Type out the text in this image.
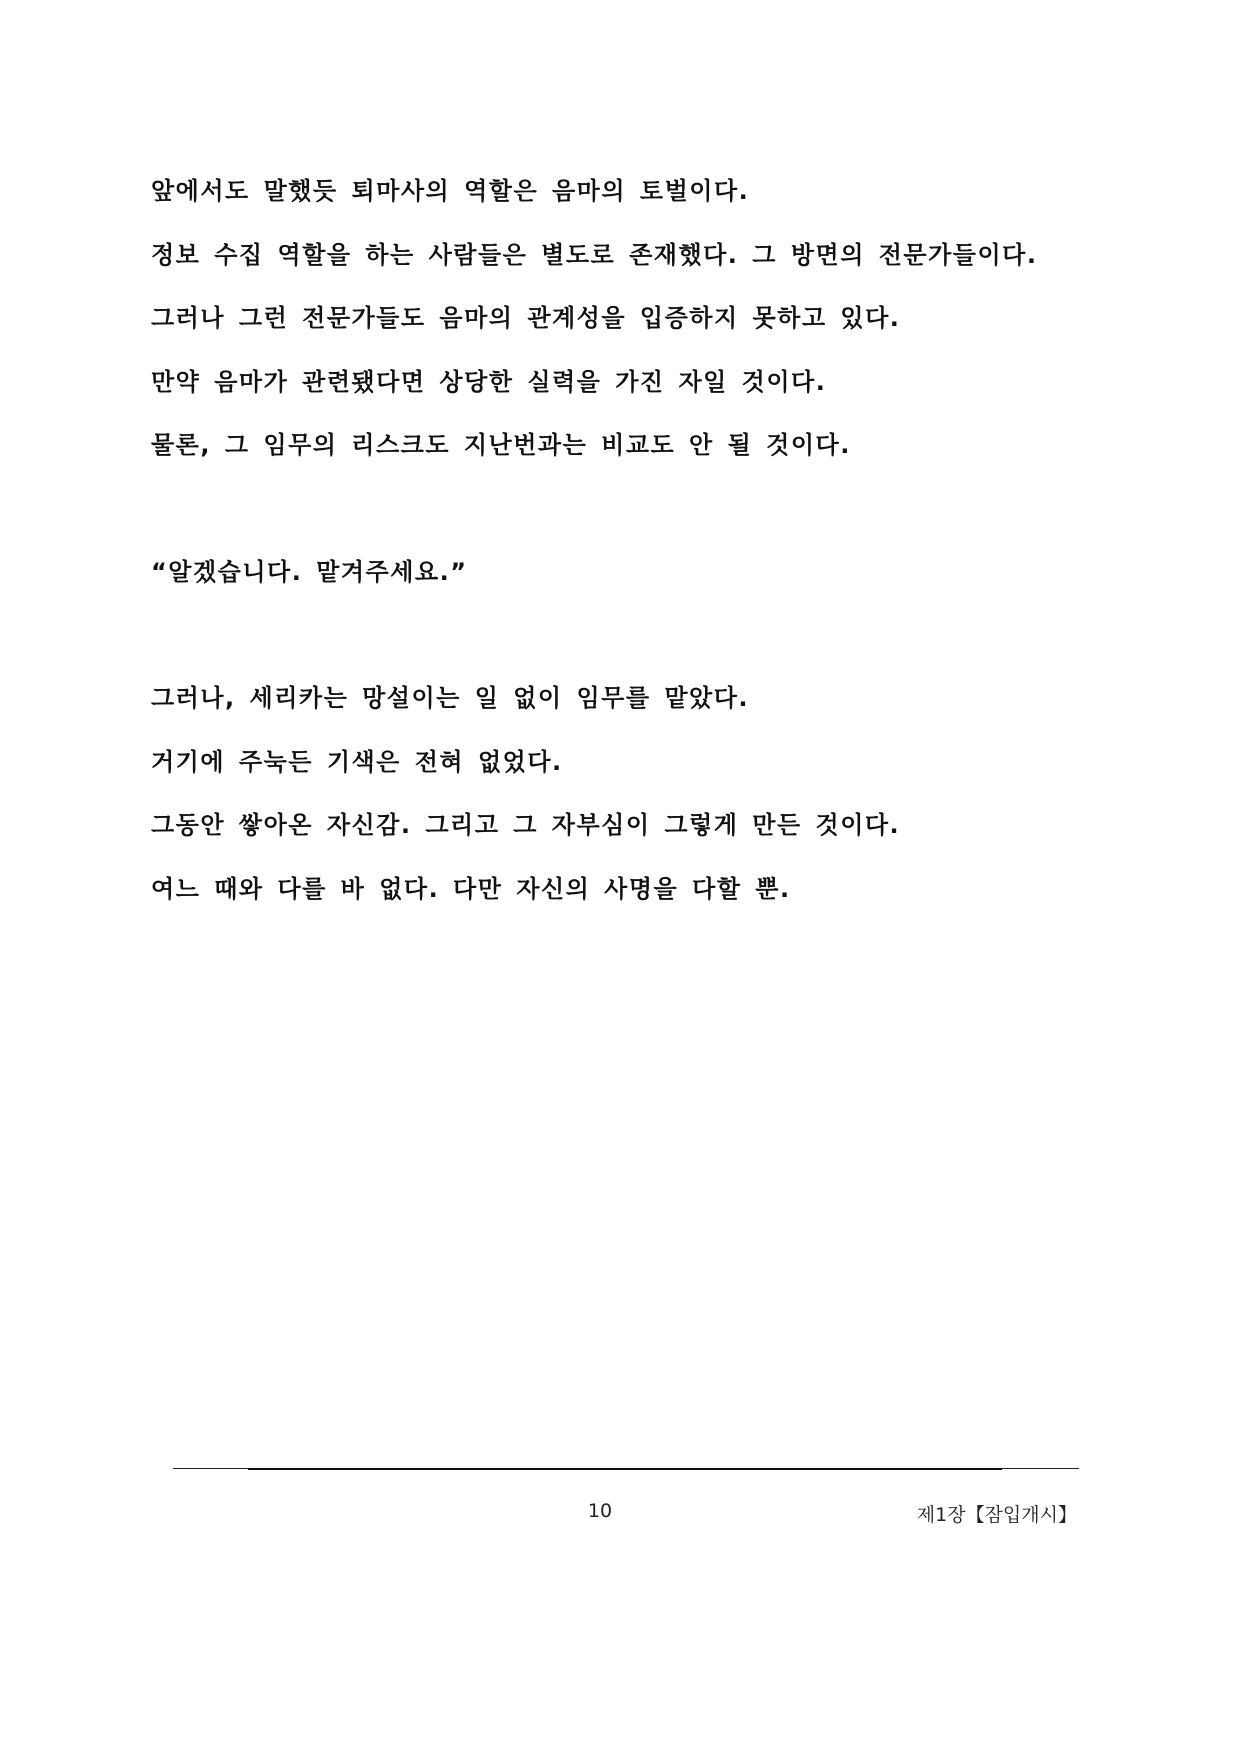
앞에서도 말했듯 퇴마사의 역할은 음마의 토벌이다.
정보 수집 역할을 하는 사람들은 별도로 존재했다. 그 방면의 전문가들이다.
그러나 그런 전문가들도 음마의 관계성을 입증하지 못하고 있다.
만약 음마가 관련됐다면 상당한 실력을 가진 자일 것이다.
물론, 그 임무의 리스크도 지난번과는 비교도 안 될 것이다.
“알겠습니다. 맡겨주세요.”
그러나, 세리카는 망설이는 일 없이 임무를 맡았다.
거기에 주눅든 기색은 전혀 없었다.
그동안 쌓아온 자신감. 그리고 그 자부심이 그렇게 만든 것이다.
여느 때와 다를 바 없다. 다만 자신의 사명을 다할 뿐.
10	제1장【잠입개시】
